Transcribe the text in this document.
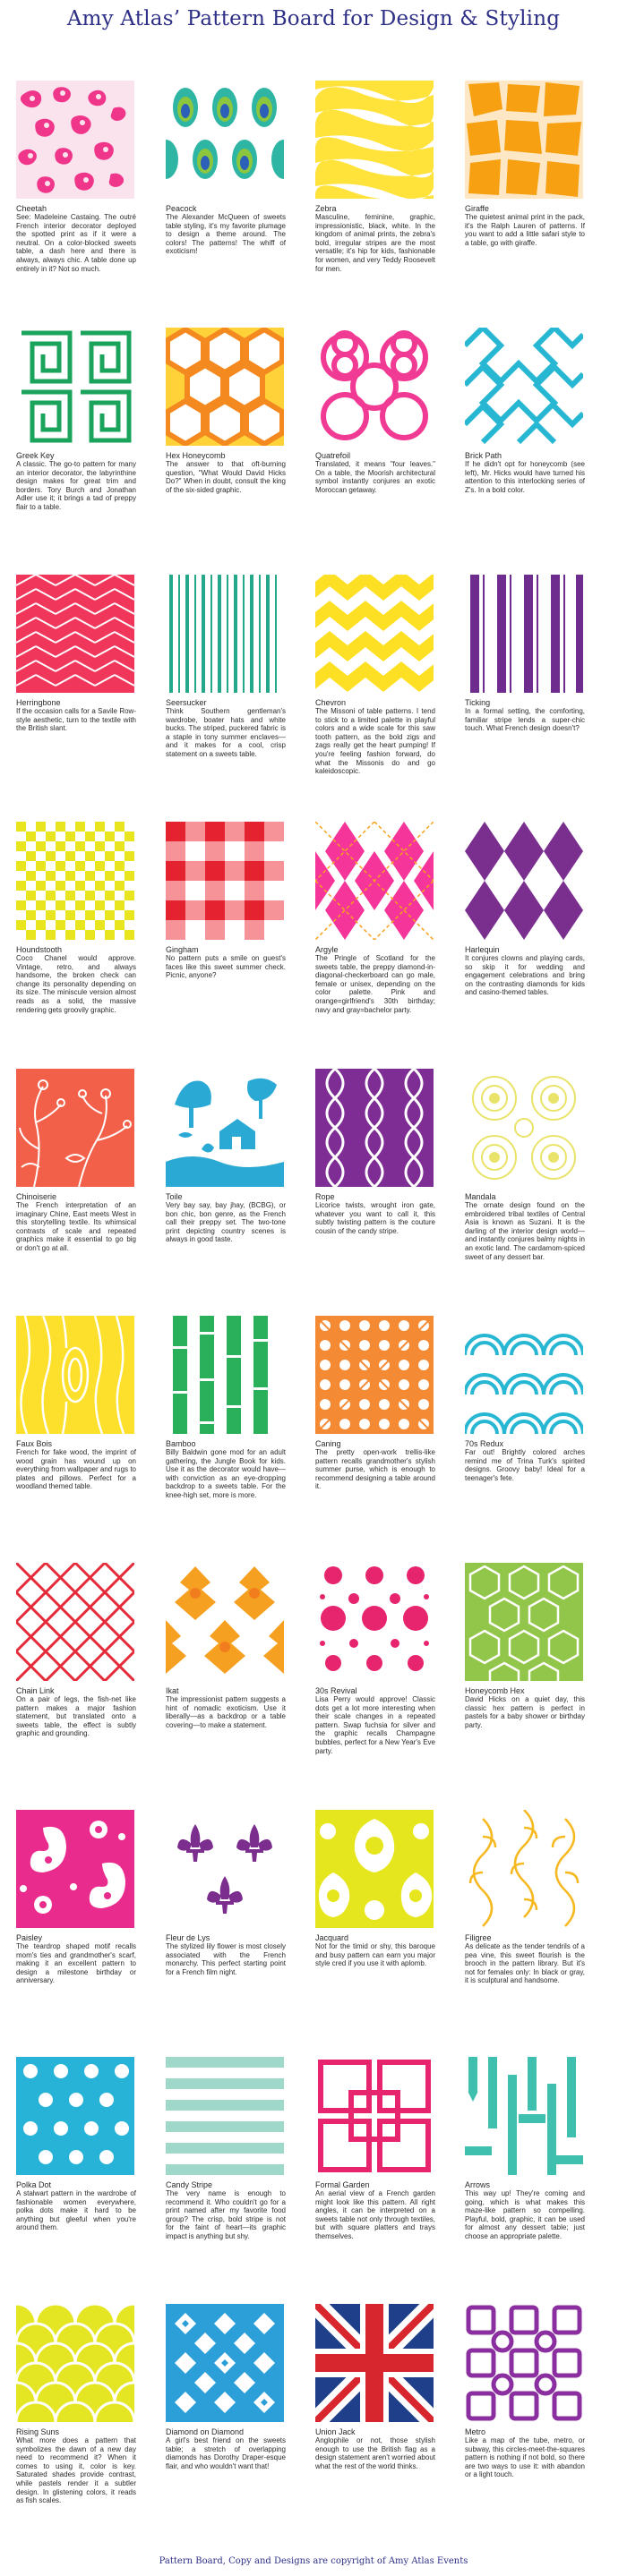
Amy Atlas’ Pattern Board for Design & Styling
Cheetah
See: Madeleine Castaing. The outré French interior decorator deployed the spotted print as if it were a neutral. On a color-blocked sweets table, a dash here and there is always, always chic. A table done up entirely in it? Not so much.
Peacock
The Alexander McQueen of sweets table styling, it's my favorite plumage to design a theme around. The colors! The patterns! The whiff of exoticism!
Zebra
Masculine, feminine, graphic, impressionistic, black, white. In the kingdom of animal prints, the zebra's bold, irregular stripes are the most versatile; it's hip for kids, fashionable for women, and very Teddy Roosevelt for men.
Giraffe
The quietest animal print in the pack, it's the Ralph Lauren of patterns. If you want to add a little safari style to a table, go with giraffe.
Greek Key
A classic. The go-to pattern for many an interior decorator, the labyrinthine design makes for great trim and borders. Tory Burch and Jonathan Adler use it; it brings a tad of preppy flair to a table.
Hex Honeycomb
The answer to that oft-burning question, "What Would David Hicks Do?" When in doubt, consult the king of the six-sided graphic.
Quatrefoil
Translated, it means "four leaves." On a table, the Moorish architectural symbol instantly conjures an exotic Moroccan getaway.
Brick Path
If he didn't opt for honeycomb (see left), Mr. Hicks would have turned his attention to this interlocking series of Z's. In a bold color.
Herringbone
If the occasion calls for a Savile Row-style aesthetic, turn to the textile with the British slant.
Seersucker
Think Southern gentleman's wardrobe, boater hats and white bucks. The striped, puckered fabric is a staple in tony summer enclaves—and it makes for a cool, crisp statement on a sweets table.
Chevron
The Missoni of table patterns. I tend to stick to a limited palette in playful colors and a wide scale for this saw tooth pattern, as the bold zigs and zags really get the heart pumping! If you're feeling fashion forward, do what the Missonis do and go kaleidoscopic.
Ticking
In a formal setting, the comforting, familiar stripe lends a super-chic touch. What French design doesn't?
Houndstooth
Coco Chanel would approve. Vintage, retro, and always handsome, the broken check can change its personality depending on its size. The miniscule version almost reads as a solid, the massive rendering gets groovily graphic.
Gingham
No pattern puts a smile on guest's faces like this sweet summer check. Picnic, anyone?
Argyle
The Pringle of Scotland for the sweets table, the preppy diamond-in-diagonal-checkerboard can go male, female or unisex, depending on the color palette. Pink and orange=girlfriend's 30th birthday; navy and gray=bachelor party.
Harlequin
It conjures clowns and playing cards, so skip it for wedding and engagement celebrations and bring on the contrasting diamonds for kids and casino-themed tables.
Chinoiserie
The French interpretation of an imaginary Chine, East meets West in this storytelling textile. Its whimsical contrasts of scale and repeated graphics make it essential to go big or don't go at all.
Toile
Very bay say, bay jhay, (BCBG), or bon chic, bon genre, as the French call their preppy set. The two-tone print depicting country scenes is always in good taste.
Rope
Licorice twists, wrought iron gate, whatever you want to call it, this subtly twisting pattern is the couture cousin of the candy stripe.
Mandala
The ornate design found on the embroidered tribal textiles of Central Asia is known as Suzani. It is the darling of the interior design world—and instantly conjures balmy nights in an exotic land. The cardamom-spiced sweet of any dessert bar.
Faux Bois
French for fake wood, the imprint of wood grain has wound up on everything from wallpaper and rugs to plates and pillows. Perfect for a woodland themed table.
Bamboo
Billy Baldwin gone mod for an adult gathering, the Jungle Book for kids. Use it as the decorator would have—with conviction as an eye-dropping backdrop to a sweets table. For the knee-high set, more is more.
Caning
The pretty open-work trellis-like pattern recalls grandmother's stylish summer purse, which is enough to recommend designing a table around it.
70s Redux
Far out! Brightly colored arches remind me of Trina Turk's spirited designs. Groovy baby! Ideal for a teenager's fete.
Chain Link
On a pair of legs, the fish-net like pattern makes a major fashion statement, but translated onto a sweets table, the effect is subtly graphic and grounding.
Ikat
The impressionist pattern suggests a hint of nomadic exoticism. Use it liberally—as a backdrop or a table covering—to make a statement.
30s Revival
Lisa Perry would approve! Classic dots get a lot more interesting when their scale changes in a repeated pattern. Swap fuchsia for silver and the graphic recalls Champagne bubbles, perfect for a New Year's Eve party.
Honeycomb Hex
David Hicks on a quiet day, this classic hex pattern is perfect in pastels for a baby shower or birthday party.
Paisley
The teardrop shaped motif recalls mom's ties and grandmother's scarf, making it an excellent pattern to design a milestone birthday or anniversary.
Fleur de Lys
The stylized lily flower is most closely associated with the French monarchy. This perfect starting point for a French film night.
Jacquard
Not for the timid or shy, this baroque and busy pattern can earn you major style cred if you use it with aplomb.
Filigree
As delicate as the tender tendrils of a pea vine, this sweet flourish is the brooch in the pattern library. But it's not for females only: In black or gray, it is sculptural and handsome.
Polka Dot
A stalwart pattern in the wardrobe of fashionable women everywhere, polka dots make it hard to be anything but gleeful when you're around them.
Candy Stripe
The very name is enough to recommend it. Who couldn't go for a print named after my favorite food group? The crisp, bold stripe is not for the faint of heart—its graphic impact is anything but shy.
Formal Garden
An aerial view of a French garden might look like this pattern. All right angles, it can be interpreted on a sweets table not only through textiles, but with square platters and trays themselves.
Arrows
This way up! They're coming and going, which is what makes this maze-like pattern so compelling. Playful, bold, graphic, it can be used for almost any dessert table; just choose an appropriate palette.
Rising Suns
What more does a pattern that symbolizes the dawn of a new day need to recommend it? When it comes to using it, color is key. Saturated shades provide contrast, while pastels render it a subtler design. In glistening colors, it reads as fish scales.
Diamond on Diamond
A girl's best friend on the sweets table; a stretch of overlapping diamonds has Dorothy Draper-esque flair, and who wouldn't want that!
Union Jack
Anglophile or not, those stylish enough to use the British flag as a design statement aren't worried about what the rest of the world thinks.
Metro
Like a map of the tube, metro, or subway, this circles-meet-the-squares pattern is nothing if not bold, so there are two ways to use it: with abandon or a light touch.
Pattern Board, Copy and Designs are copyright of Amy Atlas Events
